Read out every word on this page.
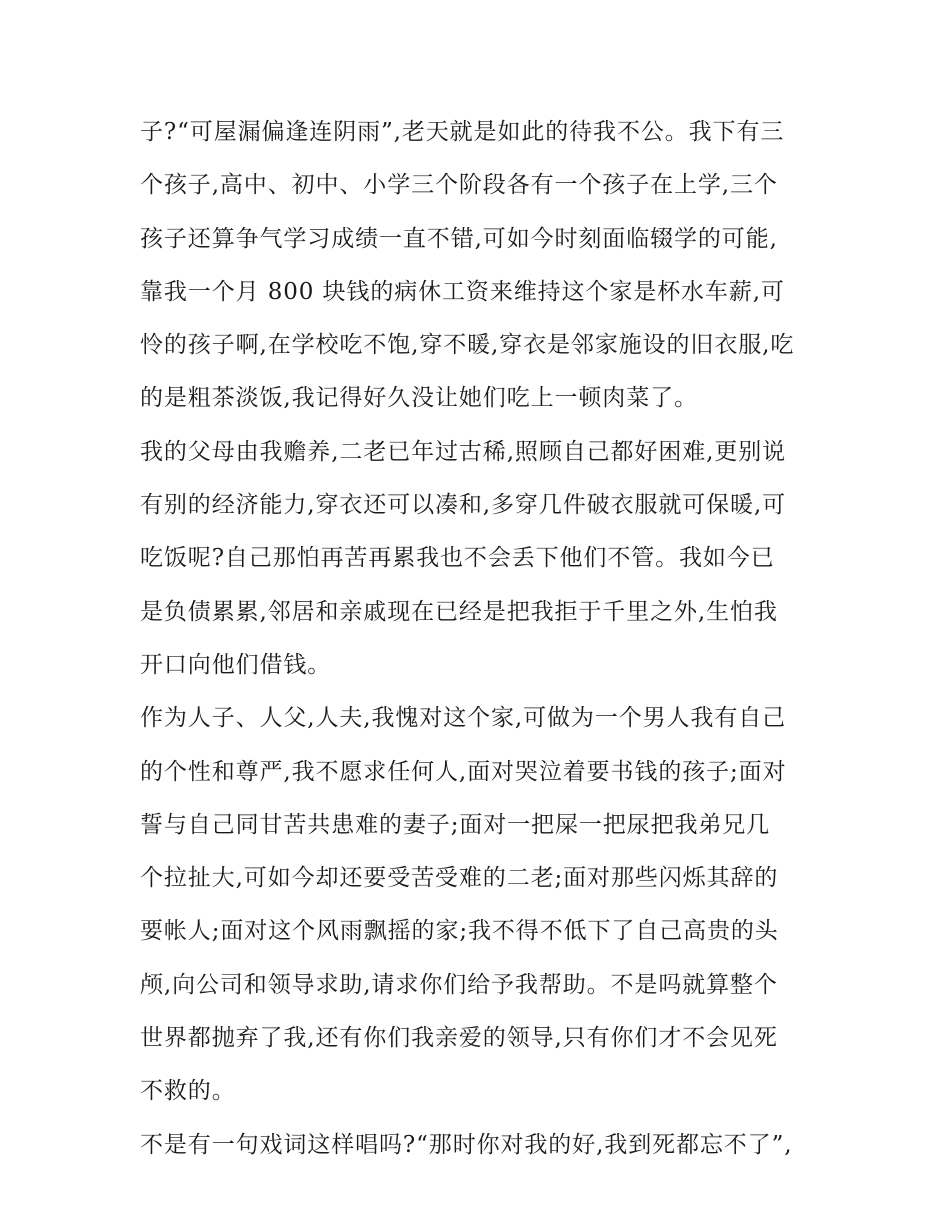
子?“可屋漏偏逢连阴雨”,老天就是如此的待我不公。我下有三
个孩子,高中、初中、小学三个阶段各有一个孩子在上学,三个
孩子还算争气学习成绩一直不错,可如今时刻面临辍学的可能,
靠我一个月 800 块钱的病休工资来维持这个家是杯水车薪,可
怜的孩子啊,在学校吃不饱,穿不暖,穿衣是邻家施设的旧衣服,吃
的是粗茶淡饭,我记得好久没让她们吃上一顿肉菜了。
我的父母由我赡养,二老已年过古稀,照顾自己都好困难,更别说
有别的经济能力,穿衣还可以凑和,多穿几件破衣服就可保暖,可
吃饭呢?自己那怕再苦再累我也不会丢下他们不管。我如今已
是负债累累,邻居和亲戚现在已经是把我拒于千里之外,生怕我
开口向他们借钱。
作为人子、人父,人夫,我愧对这个家,可做为一个男人我有自己
的个性和尊严,我不愿求任何人,面对哭泣着要书钱的孩子;面对
誓与自己同甘苦共患难的妻子;面对一把屎一把尿把我弟兄几
个拉扯大,可如今却还要受苦受难的二老;面对那些闪烁其辞的
要帐人;面对这个风雨飘摇的家;我不得不低下了自己高贵的头
颅,向公司和领导求助,请求你们给予我帮助。不是吗就算整个
世界都抛弃了我,还有你们我亲爱的领导,只有你们才不会见死
不救的。
不是有一句戏词这样唱吗?“那时你对我的好,我到死都忘不了”,
